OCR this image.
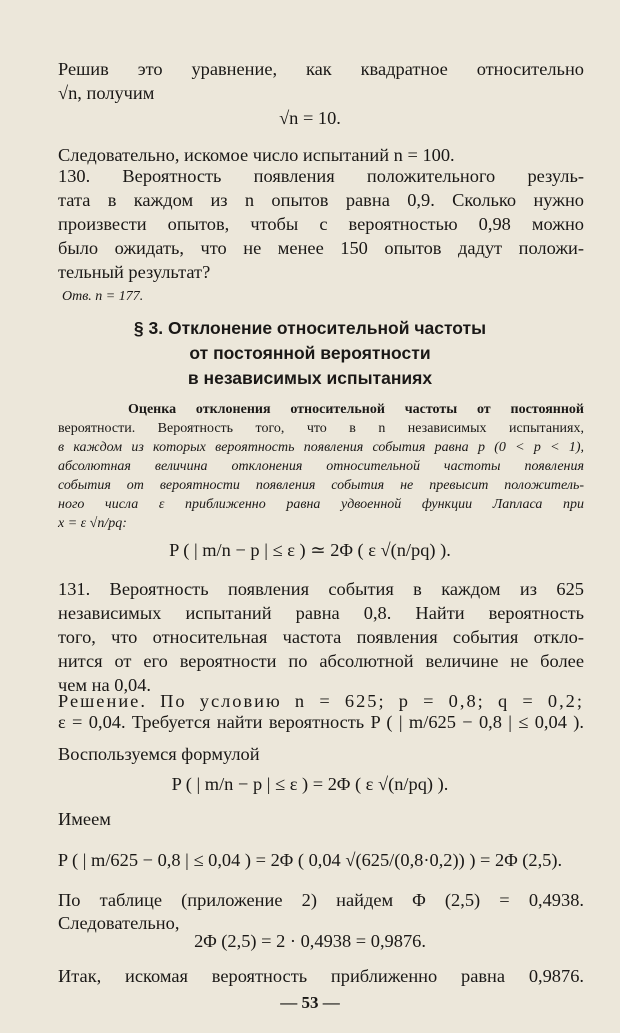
Решив это уравнение, как квадратное относительно
√n, получим
√n = 10.
Следовательно, искомое число испытаний n = 100.
130. Вероятность появления положительного резуль-
тата в каждом из n опытов равна 0,9. Сколько нужно
произвести опытов, чтобы с вероятностью 0,98 можно
было ожидать, что не менее 150 опытов дадут положи-
тельный результат?
Отв. n = 177.
Оценка отклонения относительной частоты от постоянной
вероятности. Вероятность того, что в n независимых испытаниях,
в каждом из которых вероятность появления события равна p (0 < p < 1),
абсолютная величина отклонения относительной частоты появления
события от вероятности появления события не превысит положитель-
ного числа ε приближенно равна удвоенной функции Лапласа при
x = ε √n/pq:
P ( | m/n − p | ≤ ε ) ≃ 2Φ ( ε √(n/pq) ).
131. Вероятность появления события в каждом из 625
независимых испытаний равна 0,8. Найти вероятность
того, что относительная частота появления события откло-
нится от его вероятности по абсолютной величине не более
чем на 0,04.
Решение. По условию n = 625; p = 0,8; q = 0,2;
ε = 0,04. Требуется найти вероятность P ( | m/625 − 0,8 | ≤ 0,04 ).
Воспользуемся формулой
P ( | m/n − p | ≤ ε ) = 2Φ ( ε √(n/pq) ).
Имеем
P ( | m/625 − 0,8 | ≤ 0,04 ) = 2Φ ( 0,04 √(625/(0,8·0,2)) ) = 2Φ (2,5).
По таблице (приложение 2) найдем Φ (2,5) = 0,4938.
Следовательно,
2Φ (2,5) = 2 · 0,4938 = 0,9876.
Итак, искомая вероятность приближенно равна 0,9876.
§ 3. Отклонение относительной частоты
от постоянной вероятности
в независимых испытаниях
— 53 —
